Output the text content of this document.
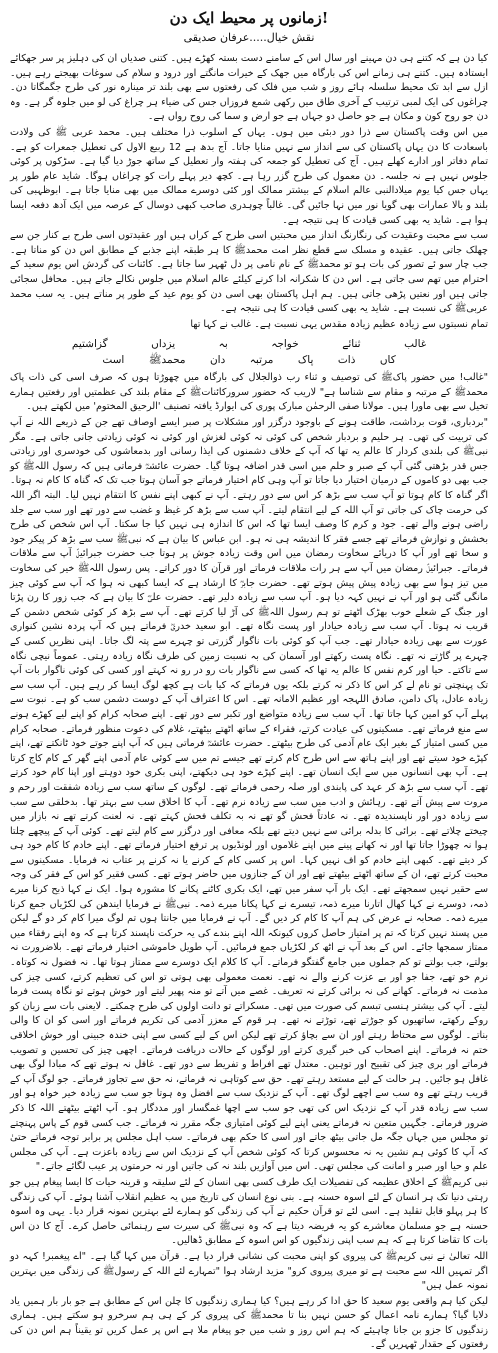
زمانوں پر محیط ایک دن!
نقش خیال.....عرفان صدیقی

کیا دن ہے کہ کتنے ہی دن مہینے اور سال اس کے سامنے دست بستہ کھڑے ہیں۔ کتنی صدیاں ان کی دہلیز پر سر جھکائے ایستادہ ہیں۔ کتنے ہی زمانے اس کی بارگاہ میں جھک کے خیرات مانگتے اور درود و سلام کی سوغات بھیجتے رہے ہیں۔ ازل سے ابد تک محیط سلسلہ ہائے روز و شب میں فلک کی رفعتوں سے بھی بلند تر مینارہ نور کی طرح جگمگاتا دن۔ چراغوں کی ایک لمبی ترتیب کے آخری طاق میں رکھی شمع فروزاں جس کی ضیاء ہر چراغ کی لو میں جلوہ گر ہے۔ وہ دن جو روح کون و مکان ہے جو حاصل دو جہاں ہے جو ارض و سما کی روح رواں ہے۔

میں اس وقت پاکستان سے ذرا دور دبئی میں ہوں۔ یہاں کے اسلوب ذرا مختلف ہیں۔ محمد عربی ﷺ کی ولادت باسعادت کا دن یہاں پاکستان کی سے انداز سے نہیں منایا جاتا۔ آج بدھ ہے 12 ربیع الاول کی تعطیل جمعرات کو ہے۔ تمام دفاتر اور ادارے کھلے ہیں۔ آج کی تعطیل کو جمعہ کی ہفتہ وار تعطیل کے ساتھ جوڑ دیا گیا ہے۔ سڑکوں پر کوئی جلوس نہیں ہے نہ جلسہ۔ دن معمول کی طرح گزر رہا ہے۔ کچھ دیر پہلے رات کو چراغاں ہوگا۔ شاید عام طور پر یہاں جس کیا یوم میلادالنبی عالم اسلام کے بیشتر ممالک اور کئی دوسرے ممالک میں بھی منایا جاتا ہے۔ ابوظہبی کی بلند و بالا عمارات بھی گویا نور میں نہا جائیں گی۔ غالباً چوہدری صاحب کبھی دوسال کے عرصہ میں ایک آدھ دفعہ ایسا ہوا ہے۔ شاید یہ بھی کسی قیادت کا ہی نتیجہ ہے۔

سب سے محبت وعقیدت کی رنگارنگ انداز میں محبتیں اسی طرح کے کراں ہیں اور عقیدتوں اسی طرح بے کنار جن سے چھلک جاتی ہیں۔ عقیدہ و مسلک سے قطع نظر امت محمدﷺ کا ہر طبقہ اپنے جذبے کے مطابق اس دن کو مناتا ہے۔ جب چار سو ئے تصور کی بات ہو تو محمدﷺ کے نام نامی پر دل ٹھہر سا جاتا ہے۔ کائنات کی گردش اس یوم سعید کے احترام میں تھم سی جاتی ہے۔ اس دن کا شکرانہ ادا کرنے کیلئے عالم اسلام میں جلوس نکالے جاتے ہیں۔ محافل سجائی جاتی ہیں اور نعتیں پڑھی جاتی ہیں۔ ہم اہل پاکستان بھی اسی دن کو یوم عید کے طور پر مناتے ہیں۔ یہ سب محمد عربیﷺ کی نسبت ہے۔ شاید یہ بھی کسی قیادت کا ہی نتیجہ ہے۔

تمام نسبتوں سے زیادہ عظیم زیادہ مقدس یہی نسبت ہے۔ غالب نے کہا تھا

غالب
ثنائے
خواجہ
بہ
یزداں
گزاشتیم
کاں
ذات
پاک
مرتبہ
دان
محمدﷺ
است

"غالب! میں حضور پاکﷺ کی توصیف و ثناء رب ذوالجلال کی بارگاہ میں چھوڑتا ہوں کہ صرف اسی کی ذات پاک محمدﷺ کے مرتبہ و مقام سے شناسا ہے" لاریب کہ حضور سرورکائناتﷺ کے مقام بلند کی عظمتیں اور رفعتیں ہمارے تخیل سے بھی ماورا ہیں۔ مولانا صفی الرحمٰن مبارک پوری کی ایوارڈ یافتہ تصنیف 'الرحیق المختوم' میں لکھتے ہیں۔

"بردباری، قوت برداشت، طاقت ہونے کے باوجود درگزر اور مشکلات پر صبر ایسے اوصاف تھے جن کے ذریعے اللہ نے آپ کی تربیت کی تھی۔ ہر حلیم و بردبار شخص کی کوئی نہ کوئی لغزش اور کوئی نہ کوئی زیادتی جانی جاتی ہے۔ مگر نبیﷺ کی بلندی کردار کا عالم یہ تھا کہ آپ کے خلاف دشمنوں کی ایذا رسانی اور بدمعاشوں کی خودسری اور زیادتی جس قدر بڑھتی گئی آپ کے صبر و حلم میں اسی قدر اضافہ ہوتا گیا۔ حضرت عائشہؓ فرماتی ہیں کہ رسول اللہﷺ کو جب بھی دو کاموں کے درمیان اختیار دیا جاتا تو آپ وہی کام اختیار فرماتے جو آسان ہوتا جب تک کہ گناہ کا کام نہ ہوتا۔ اگر گناہ کا کام ہوتا تو آپ سب سے بڑھ کر اس سے دور رہتے۔ آپ نے کبھی اپنے نفس کا انتقام نہیں لیا۔ البتہ اگر اللہ کی حرمت چاک کی جاتی تو آپ اللہ کے لیے انتقام لیتے۔ آپ سب سے بڑھ کر غیظ و غضب سے دور تھے اور سب سے جلد راضی ہونے والے تھے۔ جود و کرم کا وصف ایسا تھا کہ اس کا اندازہ ہی نہیں کیا جا سکتا۔ آپ اس شخص کی طرح بخشش و نوازش فرماتے تھے جسے فقر کا اندیشہ ہی نہ ہو۔ ابن عباس کا بیان ہے کہ نبیﷺ سب سے بڑھ کر پیکر جود و سخا تھے اور آپ کا دریائے سخاوت رمضان میں اس وقت زیادہ جوش پر ہوتا جب حضرت جبرائیلؑ آپ سے ملاقات فرماتے۔ جبرائیلؑ رمضان میں آپ سے ہر رات ملاقات فرماتے اور قرآن کا دور کراتے۔ پس رسول اللہﷺ خیر کی سخاوت میں تیز ہوا سے بھی زیادہ پیش پیش ہوتے تھے۔ حضرت جابرؓ کا ارشاد ہے کہ ایسا کبھی نہ ہوا کہ آپ سے کوئی چیز مانگی گئی ہو اور آپ نے نہیں کہہ دیا ہو۔ آپ سب سے زیادہ دلیر تھے۔ حضرت علیؓ کا بیان ہے کہ جب زور کا رن پڑتا اور جنگ کے شعلے خوب بھڑک اٹھتے تو ہم رسول اللہﷺ کی آڑ لیا کرتے تھے۔ آپ سے بڑھ کر کوئی شخص دشمن کے قریب نہ ہوتا۔ آپ سب سے زیادہ حیادار اور پست نگاہ تھے۔ ابو سعید خدریؓ فرماتے ہیں کہ آپ پردہ نشین کنواری عورت سے بھی زیادہ حیادار تھے۔ جب آپ کو کوئی بات ناگوار گزرتی تو چہرے سے پتہ لگ جاتا۔ اپنی نظریں کسی کے چہرے پر گاڑتے نہ تھے۔ نگاہ پست رکھتے اور آسمان کی بہ نسبت زمین کی طرف نگاہ زیادہ رہتی۔ عموماً نیچی نگاہ سے تاکتے۔ حیا اور کرم نفس کا عالم یہ تھا کہ کسی سے ناگوار بات رو در رو نہ کہتے اور کسی کی کوئی ناگوار بات آپ تک پہنچتی تو نام لے کر اس کا ذکر نہ کرتے بلکہ یوں فرماتے کہ کیا بات ہے کچھ لوگ ایسا کر رہے ہیں۔ آپ سب سے زیادہ عادل، پاک دامن، صادق اللہجہ اور عظیم الامانہ تھے۔ اس کا اعتراف آپ کے دوست دشمن سب کو ہے۔ نبوت سے پہلے آپ کو امین کہا جاتا تھا۔ آپ سب سے زیادہ متواضع اور تکبر سے دور تھے۔ اپنے صحابہ کرام کو اپنے لیے کھڑے ہونے سے منع فرماتے تھے۔ مسکینوں کی عیادت کرتے، فقراء کے ساتھ اٹھتے بیٹھتے، غلام کی دعوت منظور فرماتے۔ صحابہ کرام میں کسی امتیاز کے بغیر ایک عام آدمی کی طرح بیٹھتے۔ حضرت عائشہؓ فرماتی ہیں کہ آپ اپنے جوتے خود ٹانکتے تھے، اپنے کپڑے خود سیتے تھے اور اپنے ہاتھ سے اس طرح کام کرتے تھے جیسے تم میں سے کوئی عام آدمی اپنے گھر کے کام کاج کرتا ہے۔ آپ بھی انسانوں میں سے ایک انسان تھے۔ اپنے کپڑے خود ہی دیکھتے، اپنی بکری خود دوہتے اور اپنا کام خود کرتے تھے۔ آپ سب سے بڑھ کر عہد کی پابندی اور صلہ رحمی فرماتے تھے۔ لوگوں کے ساتھ سب سے زیادہ شفقت اور رحم و مروت سے پیش آتے تھے۔ رہائش و ادب میں سب سے زیادہ نرم تھے۔ آپ کا اخلاق سب سے بہتر تھا۔ بدخلقی سے سب سے زیادہ دور اور ناپسندیدہ تھے۔ نہ عادتاً فحش گو تھے نہ بہ تکلف فحش کہتے تھے۔ نہ لعنت کرتے تھے نہ بازار میں چیختے چلاتے تھے۔ برائی کا بدلہ برائی سے نہیں دیتے تھے بلکہ معافی اور درگزر سے کام لیتے تھے۔ کوئی آپ کے پیچھے چلتا ہوا نہ چھوڑا جاتا تھا اور نہ کھانے پینے میں اپنے غلاموں اور لونڈیوں پر ترفع اختیار فرماتے تھے۔ اپنے خادم کا کام خود ہی کر دیتے تھے۔ کبھی اپنے خادم کو اف نہیں کہا۔ اس پر کسی کام کے کرنے یا نہ کرنے پر عتاب نہ فرمایا۔ مسکینوں سے محبت کرتے تھے، ان کے ساتھ اٹھتے بیٹھتے تھے اور ان کے جنازوں میں حاضر ہوتے تھے۔ کسی فقیر کو اس کے فقر کی وجہ سے حقیر نہیں سمجھتے تھے۔ ایک بار آپ سفر میں تھے، ایک بکری کاٹنے پکانے کا مشورہ ہوا۔ ایک نے کہا ذبح کرنا میرے ذمہ، دوسرے نے کہا کھال اتارنا میرے ذمہ، تیسرے نے کہا پکانا میرے ذمہ۔ نبیﷺ نے فرمایا ایندھن کی لکڑیاں جمع کرنا میرے ذمہ۔ صحابہ نے عرض کی ہم آپ کا کام کر دیں گے۔ آپ نے فرمایا میں جانتا ہوں تم لوگ میرا کام کر دو گے لیکن میں پسند نہیں کرتا کہ تم پر امتیاز حاصل کروں کیونکہ اللہ اپنے بندے کی یہ حرکت ناپسند کرتا ہے کہ وہ اپنے رفقاء میں ممتاز سمجھا جائے۔ اس کے بعد آپ نے اٹھ کر لکڑیاں جمع فرمائیں۔ آپ طویل خاموشی اختیار فرماتے تھے۔ بلاضرورت نہ بولتے، جب بولتے تو کم جملوں میں جامع گفتگو فرماتے۔ آپ کا کلام ایک دوسرے سے ممتاز ہوتا تھا۔ نہ فضول نہ کوتاہ۔ نرم خو تھے، جفا جو اور بے عزت کرنے والے نہ تھے۔ نعمت معمولی بھی ہوتی تو اس کی تعظیم کرتے، کسی چیز کی مذمت نہ فرماتے۔ کھانے کی نہ برائی کرتے نہ تعریف۔ غصے میں آتے تو منہ پھیر لیتے اور خوش ہوتے تو نگاہ پست فرما لیتے۔ آپ کی بیشتر ہنسی تبسم کی صورت میں تھی۔ مسکراتے تو دانت اولوں کی طرح چمکتے۔ لایعنی بات سے زبان کو روکے رکھتے، ساتھیوں کو جوڑتے تھے، توڑتے نہ تھے۔ ہر قوم کے معزز آدمی کی تکریم فرماتے اور اسی کو ان کا والی بناتے۔ لوگوں سے محتاط رہتے اور ان سے بچاؤ کرتے تھے لیکن اس کے لیے کسی سے اپنی خندہ جبینی اور خوش اخلاقی ختم نہ فرماتے۔ اپنے اصحاب کی خبر گیری کرتے اور لوگوں کے حالات دریافت فرماتے۔ اچھی چیز کی تحسین و تصویب فرماتے اور بری چیز کی تقبیح اور توہین۔ معتدل تھے افراط و تفریط سے دور تھے۔ غافل نہ ہوتے تھے کہ مبادا لوگ بھی غافل ہو جائیں۔ ہر حالت کے لیے مستعد رہتے تھے۔ حق سے کوتاہی نہ فرماتے، نہ حق سے تجاوز فرماتے۔ جو لوگ آپ کے قریب رہتے تھے وہ سب سے اچھے لوگ تھے۔ آپ کے نزدیک سب سے افضل وہ ہوتا جو سب سے زیادہ خیر خواہ ہو اور سب سے زیادہ قدر آپ کے نزدیک اس کی تھی جو سب سے اچھا غمگسار اور مددگار ہو۔ آپ اٹھتے بیٹھتے اللہ کا ذکر ضرور فرماتے۔ جگہیں متعین نہ فرماتے یعنی اپنے لیے کوئی امتیازی جگہ مقرر نہ فرماتے۔ جب کسی قوم کے پاس پہنچتے تو مجلس میں جہاں جگہ مل جاتی بیٹھ جاتے اور اسی کا حکم بھی فرماتے۔ سب اہل مجلس پر برابر توجہ فرماتے حتیٰ کہ آپ کا کوئی ہم نشین یہ نہ محسوس کرتا کہ کوئی شخص آپ کے نزدیک اس سے زیادہ باعزت ہے۔ آپ کی مجلس علم و حیا اور صبر و امانت کی مجلس تھی۔ اس میں آوازیں بلند نہ کی جاتیں اور نہ حرمتوں پر عیب لگائے جاتے۔"

نبی کریمﷺ کے اخلاق عظیمہ کی تفصیلات ایک طرف کسی بھی انسان کے لئے سلیقہ و قرینہ حیات کا ایسا پیغام ہیں جو رہتی دنیا تک ہر انسان کے لئے اسوہ حسنہ ہے۔ بنی نوع انسان کی تاریخ میں یہ عظیم انقلاب آشنا ہوئے۔ آپ کی زندگی کا ہر پہلو قابل تقلید ہے۔ اسی لئے تو قرآن حکیم نے آپ کی زندگی کو ہمارے لئے بہترین نمونہ قرار دیا۔ یہی وہ اسوہ حسنہ ہے جو مسلمان معاشرے کو یہ فریضہ دیتا ہے کہ وہ نبیﷺ کی سیرت سے رہنمائی حاصل کرے۔ آج کا دن اس بات کا تقاضا کرتا ہے کہ ہم سب اپنی زندگیوں کو اس اسوہ کے مطابق ڈھالیں۔

اللہ تعالیٰ نے نبی کریمﷺ کی پیروی کو اپنی محبت کی نشانی قرار دیا ہے۔ قرآن میں کہا گیا ہے۔ "اے پیغمبر! کہہ دو اگر تمہیں اللہ سے محبت ہے تو میری پیروی کرو" مزید ارشاد ہوا "تمہارے لئے اللہ کے رسولﷺ کی زندگی میں بہترین نمونہ عمل ہیں"

لیکن کیا ہم واقعی یوم سعید کا حق ادا کر رہے ہیں؟ کیا ہماری زندگیوں کا چلن اس کے مطابق ہے جو بار بار ہمیں یاد دلایا گیا؟ ہمارے نامہ اعمال کو حسن نہیں بنا تا محمدﷺ کی پیروی کر کے ہی ہم سرخرو ہو سکتے ہیں۔ ہماری زندگیوں کا جزو بن جانا چاہیئے کہ ہم اس روز و شب میں جو پیغام ملا ہے اس پر عمل کریں تو یقیناً ہم اس دن کی رفعتوں کے حقدار ٹھہریں گے۔
